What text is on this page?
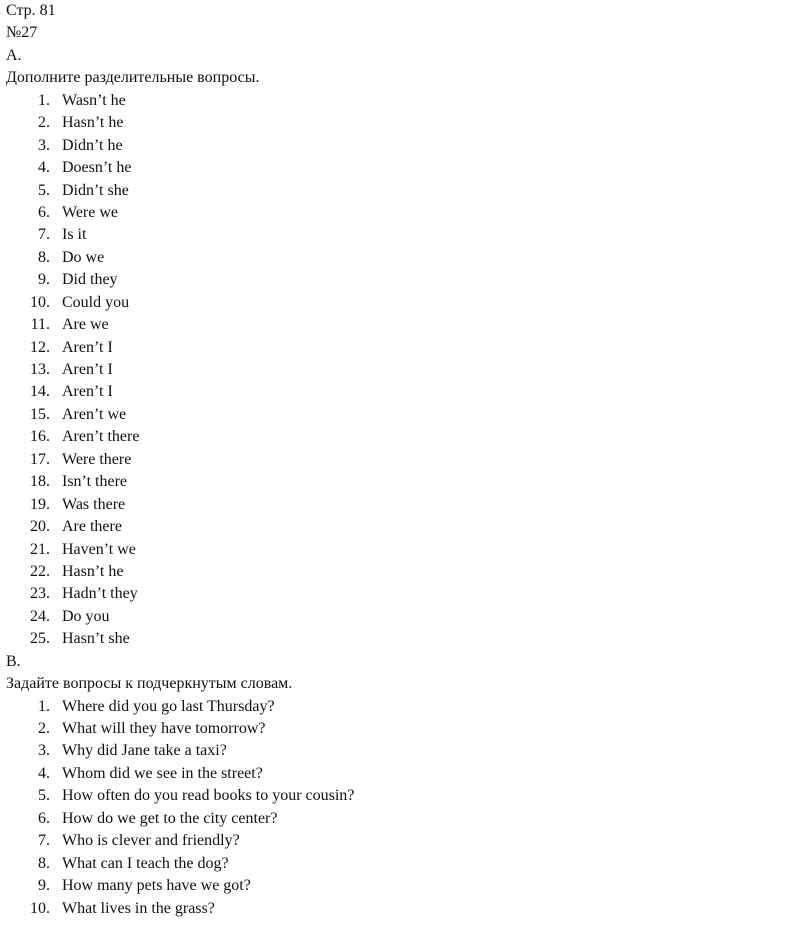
Стр. 81
№27
A.
Дополните разделительные вопросы.
1. Wasn’t he
2. Hasn’t he
3. Didn’t he
4. Doesn’t he
5. Didn’t she
6. Were we
7. Is it
8. Do we
9. Did they
10. Could you
11. Are we
12. Aren’t I
13. Aren’t I
14. Aren’t I
15. Aren’t we
16. Aren’t there
17. Were there
18. Isn’t there
19. Was there
20. Are there
21. Haven’t we
22. Hasn’t he
23. Hadn’t they
24. Do you
25. Hasn’t she
B.
Задайте вопросы к подчеркнутым словам.
1. Where did you go last Thursday?
2. What will they have tomorrow?
3. Why did Jane take a taxi?
4. Whom did we see in the street?
5. How often do you read books to your cousin?
6. How do we get to the city center?
7. Who is clever and friendly?
8. What can I teach the dog?
9. How many pets have we got?
10. What lives in the grass?
